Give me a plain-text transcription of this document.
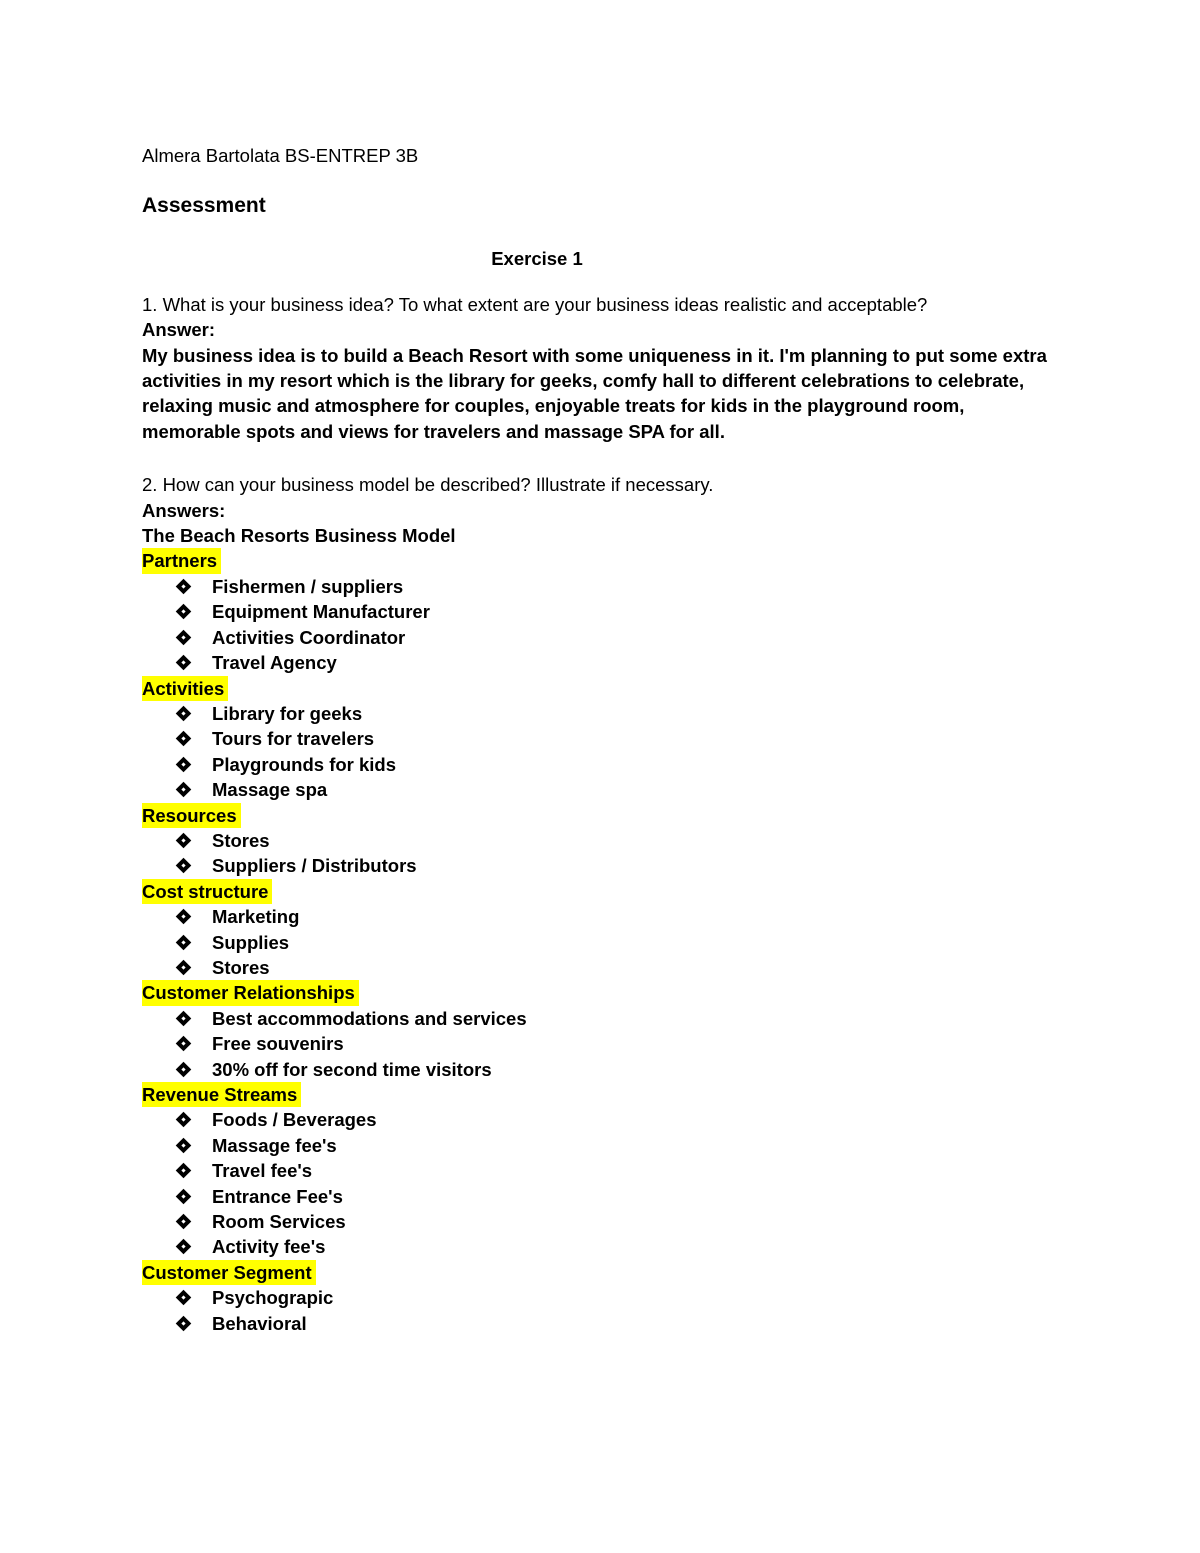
Almera Bartolata BS-ENTREP 3B
Assessment
Exercise 1
1. What is your business idea? To what extent are your business ideas realistic and acceptable?
Answer:
My business idea is to build a Beach Resort with some uniqueness in it. I'm planning to put some extra
activities in my resort which is the library for geeks, comfy hall to different celebrations to celebrate,
relaxing music and atmosphere for couples, enjoyable treats for kids in the playground room,
memorable spots and views for travelers and massage SPA for all.
2. How can your business model be described? Illustrate if necessary.
Answers:
The Beach Resorts Business Model
Partners
Fishermen / suppliers
Equipment Manufacturer
Activities Coordinator
Travel Agency
Activities
Library for geeks
Tours for travelers
Playgrounds for kids
Massage spa
Resources
Stores
Suppliers / Distributors
Cost structure
Marketing
Supplies
Stores
Customer Relationships
Best accommodations and services
Free souvenirs
30% off for second time visitors
Revenue Streams
Foods / Beverages
Massage fee's
Travel fee's
Entrance Fee's
Room Services
Activity fee's
Customer Segment
Psychograpic
Behavioral
